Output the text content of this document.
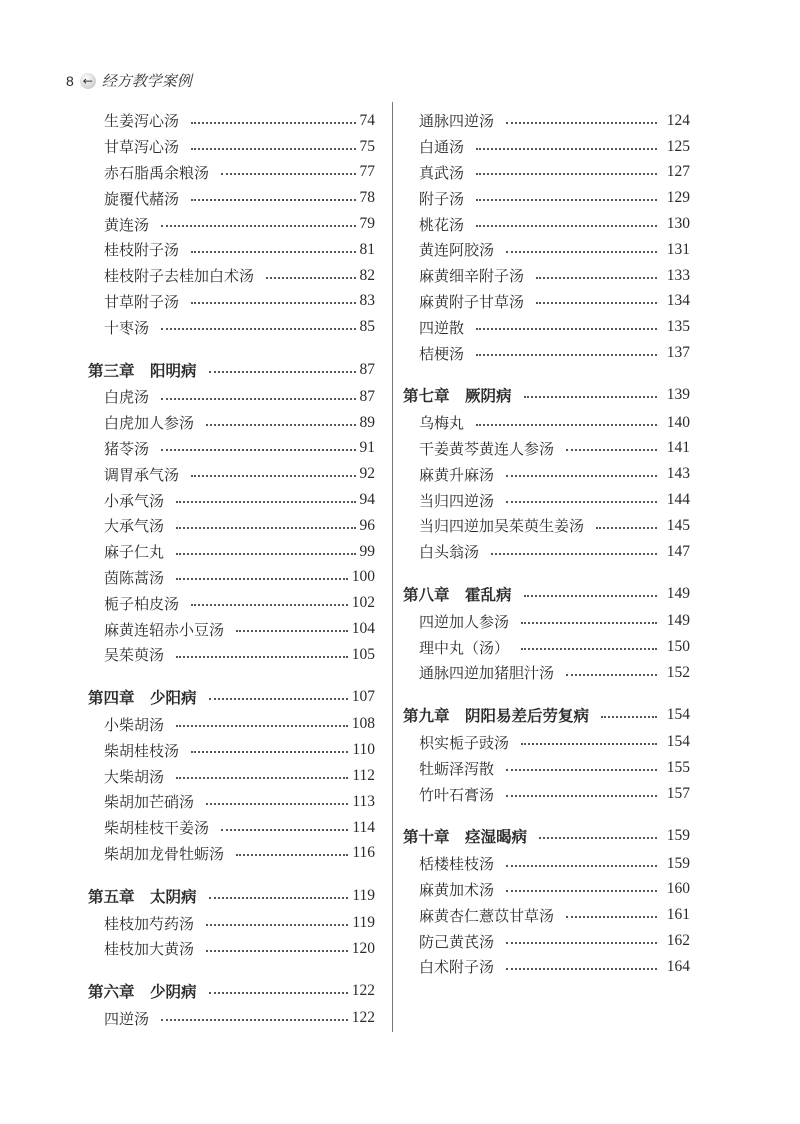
8 ← 经方教学案例
生姜泻心汤	74
甘草泻心汤	75
赤石脂禹余粮汤	77
旋覆代赭汤	78
黄连汤	79
桂枝附子汤	81
桂枝附子去桂加白术汤	82
甘草附子汤	83
十枣汤	85
第三章　阳明病	87
白虎汤	87
白虎加人参汤	89
猪苓汤	91
调胃承气汤	92
小承气汤	94
大承气汤	96
麻子仁丸	99
茵陈蒿汤	100
栀子柏皮汤	102
麻黄连轺赤小豆汤	104
吴茱萸汤	105
第四章　少阳病	107
小柴胡汤	108
柴胡桂枝汤	110
大柴胡汤	112
柴胡加芒硝汤	113
柴胡桂枝干姜汤	114
柴胡加龙骨牡蛎汤	116
第五章　太阴病	119
桂枝加芍药汤	119
桂枝加大黄汤	120
第六章　少阴病	122
四逆汤	122
通脉四逆汤	124
白通汤	125
真武汤	127
附子汤	129
桃花汤	130
黄连阿胶汤	131
麻黄细辛附子汤	133
麻黄附子甘草汤	134
四逆散	135
桔梗汤	137
第七章　厥阴病	139
乌梅丸	140
干姜黄芩黄连人参汤	141
麻黄升麻汤	143
当归四逆汤	144
当归四逆加吴茱萸生姜汤	145
白头翁汤	147
第八章　霍乱病	149
四逆加人参汤	149
理中丸（汤）	150
通脉四逆加猪胆汁汤	152
第九章　阴阳易差后劳复病	154
枳实栀子豉汤	154
牡蛎泽泻散	155
竹叶石膏汤	157
第十章　痉湿暍病	159
栝楼桂枝汤	159
麻黄加术汤	160
麻黄杏仁薏苡甘草汤	161
防己黄芪汤	162
白术附子汤	164
